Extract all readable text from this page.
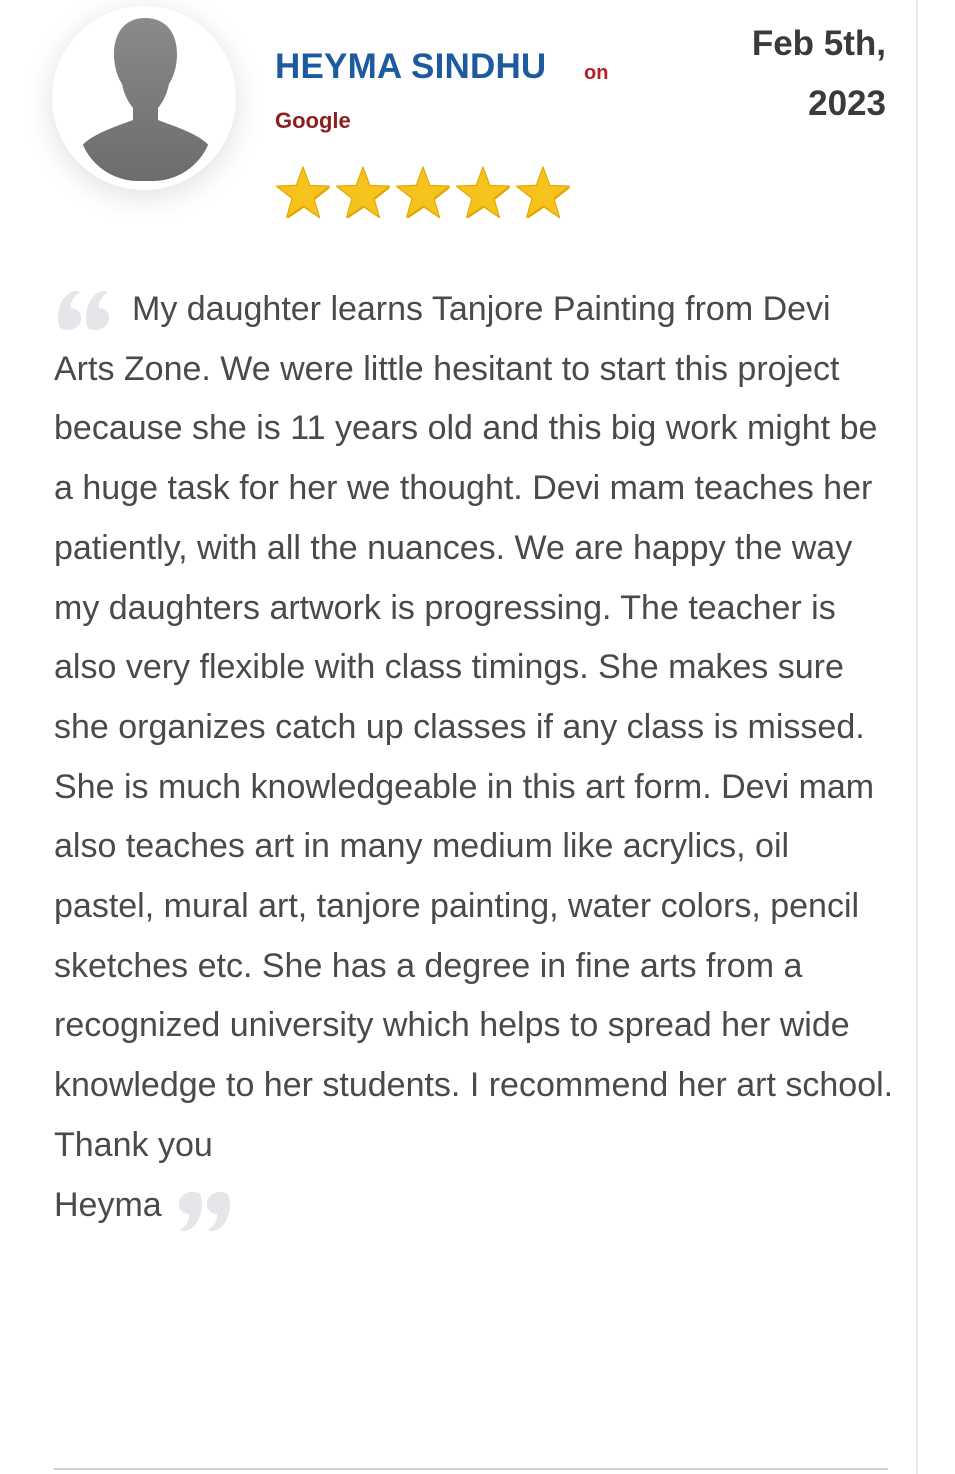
HEYMA SINDHU on
Google
Feb 5th,
2023
My daughter learns Tanjore Painting from Devi Arts Zone. We were little hesitant to start this project because she is 11 years old and this big work might be a huge task for her we thought. Devi mam teaches her patiently, with all the nuances. We are happy the way my daughters artwork is progressing. The teacher is also very flexible with class timings. She makes sure she organizes catch up classes if any class is missed. She is much knowledgeable in this art form. Devi mam also teaches art in many medium like acrylics, oil pastel, mural art, tanjore painting, water colors, pencil sketches etc. She has a degree in fine arts from a recognized university which helps to spread her wide knowledge to her students. I recommend her art school.
Thank you
Heyma
